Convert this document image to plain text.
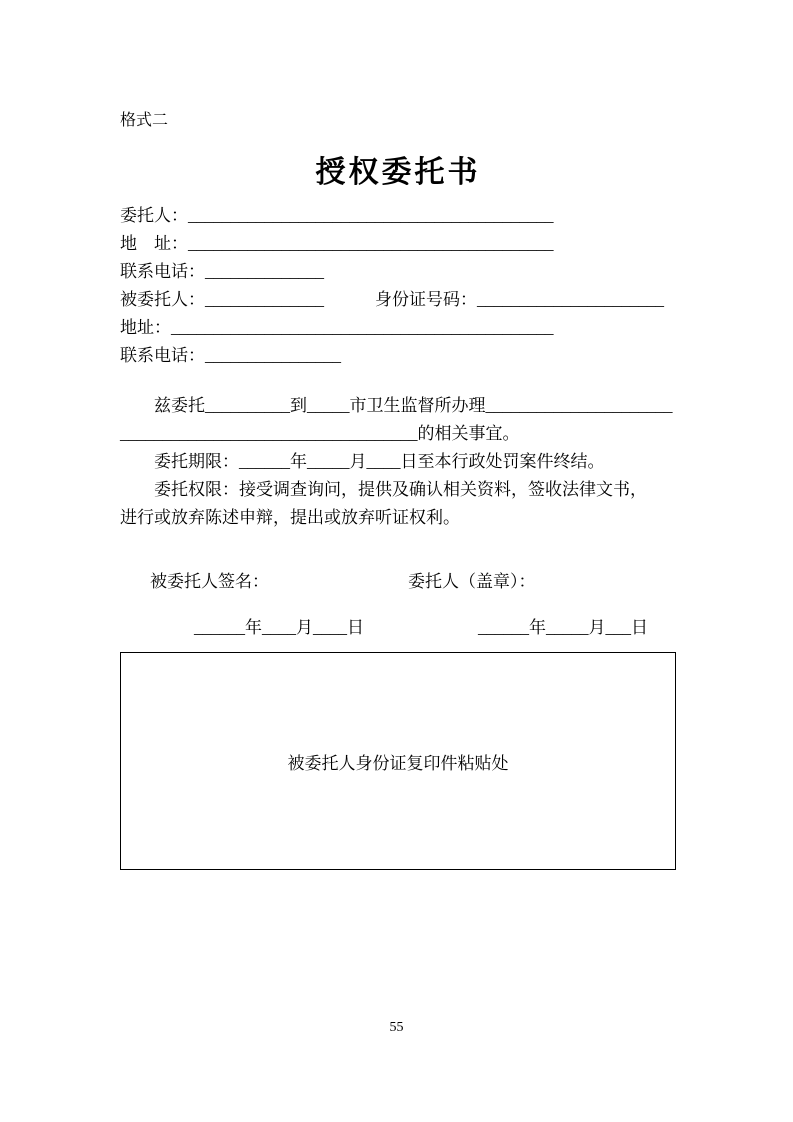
格式二
授权委托书
委托人：___________________________________________
地　址：___________________________________________
联系电话：______________
被委托人：______________	身份证号码：______________________
地址：_____________________________________________
联系电话：________________
兹委托__________到_____市卫生监督所办理______________________
___________________________________的相关事宜。
委托期限：______年_____月____日至本行政处罚案件终结。
委托权限：接受调查询问，提供及确认相关资料，签收法律文书，
进行或放弃陈述申辩，提出或放弃听证权利。
被委托人签名：	委托人（盖章）：
______年____月____日	______年_____月___日
被委托人身份证复印件粘贴处
55
